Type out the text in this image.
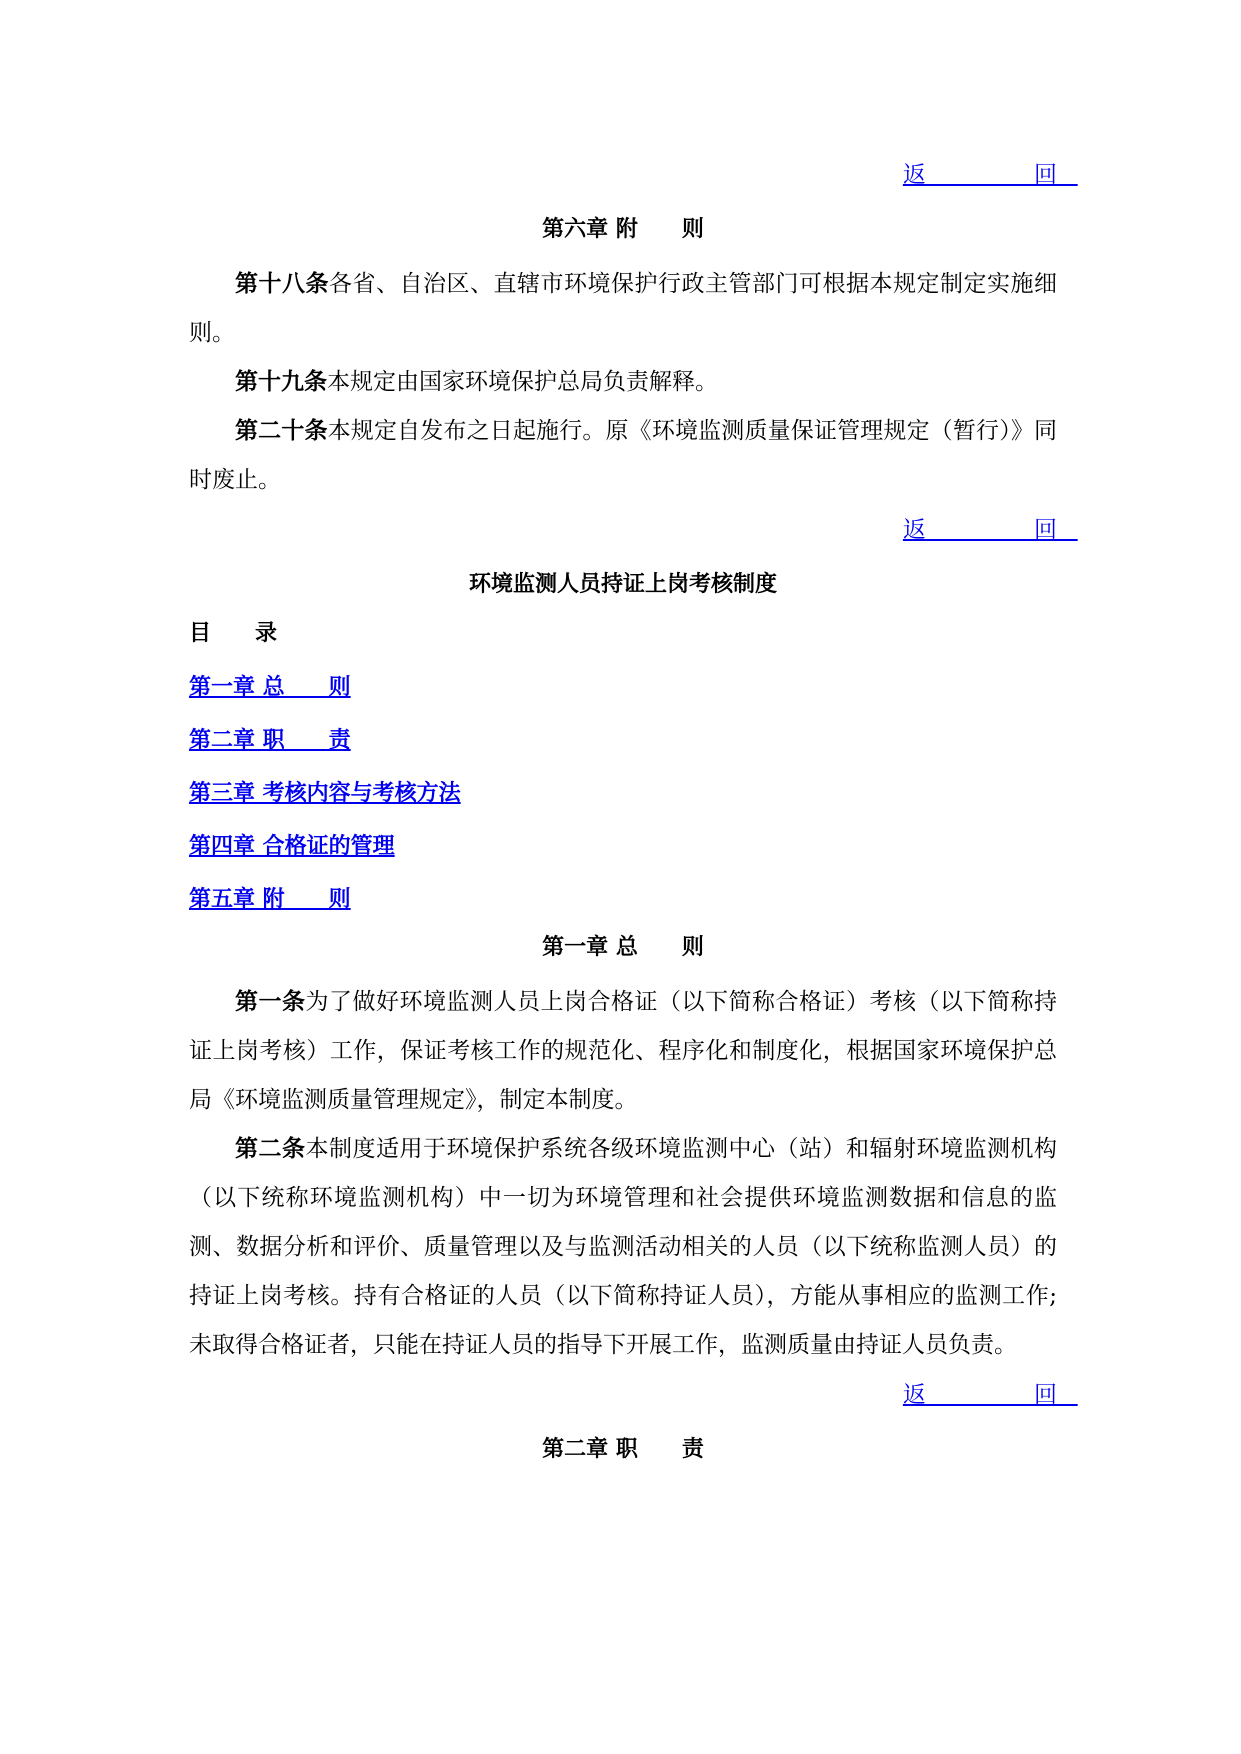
返　　回
第六章 附　　则

第十八条各省、自治区、直辖市环境保护行政主管部门可根据本规定制定实施细则。

第十九条本规定由国家环境保护总局负责解释。

第二十条本规定自发布之日起施行。原《环境监测质量保证管理规定（暂行）》同时废止。

返　　回
环境监测人员持证上岗考核制度
目　　录
第一章 总　　则
第二章 职　　责
第三章 考核内容与考核方法
第四章 合格证的管理
第五章 附　　则
第一章 总　　则

第一条为了做好环境监测人员上岗合格证（以下简称合格证）考核（以下简称持证上岗考核）工作，保证考核工作的规范化、程序化和制度化，根据国家环境保护总局《环境监测质量管理规定》，制定本制度。

第二条本制度适用于环境保护系统各级环境监测中心（站）和辐射环境监测机构（以下统称环境监测机构）中一切为环境管理和社会提供环境监测数据和信息的监测、数据分析和评价、质量管理以及与监测活动相关的人员（以下统称监测人员）的持证上岗考核。持有合格证的人员（以下简称持证人员），方能从事相应的监测工作; 未取得合格证者，只能在持证人员的指导下开展工作，监测质量由持证人员负责。

返　　回
第二章 职　　责
